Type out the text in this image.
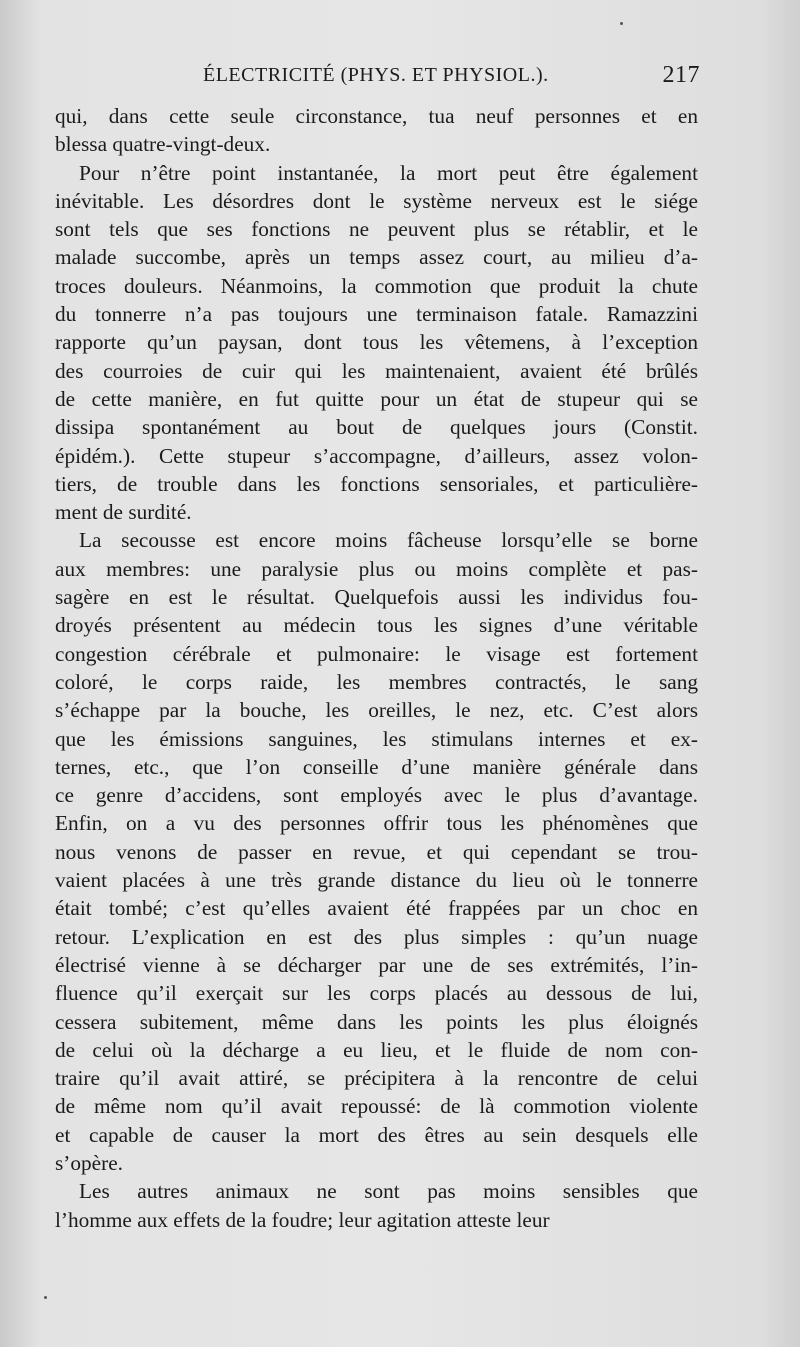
ÉLECTRICITÉ (PHYS. ET PHYSIOL.).	217

qui, dans cette seule circonstance, tua neuf personnes et en
blessa quatre-vingt-deux.

Pour n’être point instantanée, la mort peut être également
inévitable. Les désordres dont le système nerveux est le siége
sont tels que ses fonctions ne peuvent plus se rétablir, et le
malade succombe, après un temps assez court, au milieu d’a-
troces douleurs. Néanmoins, la commotion que produit la chute
du tonnerre n’a pas toujours une terminaison fatale. Ramazzini
rapporte qu’un paysan, dont tous les vêtemens, à l’exception
des courroies de cuir qui les maintenaient, avaient été brûlés
de cette manière, en fut quitte pour un état de stupeur qui se
dissipa spontanément au bout de quelques jours (Constit.
épidém.). Cette stupeur s’accompagne, d’ailleurs, assez volon-
tiers, de trouble dans les fonctions sensoriales, et particulière-
ment de surdité.

La secousse est encore moins fâcheuse lorsqu’elle se borne
aux membres: une paralysie plus ou moins complète et pas-
sagère en est le résultat. Quelquefois aussi les individus fou-
droyés présentent au médecin tous les signes d’une véritable
congestion cérébrale et pulmonaire: le visage est fortement
coloré, le corps raide, les membres contractés, le sang
s’échappe par la bouche, les oreilles, le nez, etc. C’est alors
que les émissions sanguines, les stimulans internes et ex-
ternes, etc., que l’on conseille d’une manière générale dans
ce genre d’accidens, sont employés avec le plus d’avantage.
Enfin, on a vu des personnes offrir tous les phénomènes que
nous venons de passer en revue, et qui cependant se trou-
vaient placées à une très grande distance du lieu où le tonnerre
était tombé; c’est qu’elles avaient été frappées par un choc en
retour. L’explication en est des plus simples : qu’un nuage
électrisé vienne à se décharger par une de ses extrémités, l’in-
fluence qu’il exerçait sur les corps placés au dessous de lui,
cessera subitement, même dans les points les plus éloignés
de celui où la décharge a eu lieu, et le fluide de nom con-
traire qu’il avait attiré, se précipitera à la rencontre de celui
de même nom qu’il avait repoussé: de là commotion violente
et capable de causer la mort des êtres au sein desquels elle
s’opère.

Les autres animaux ne sont pas moins sensibles que
l’homme aux effets de la foudre; leur agitation atteste leur
